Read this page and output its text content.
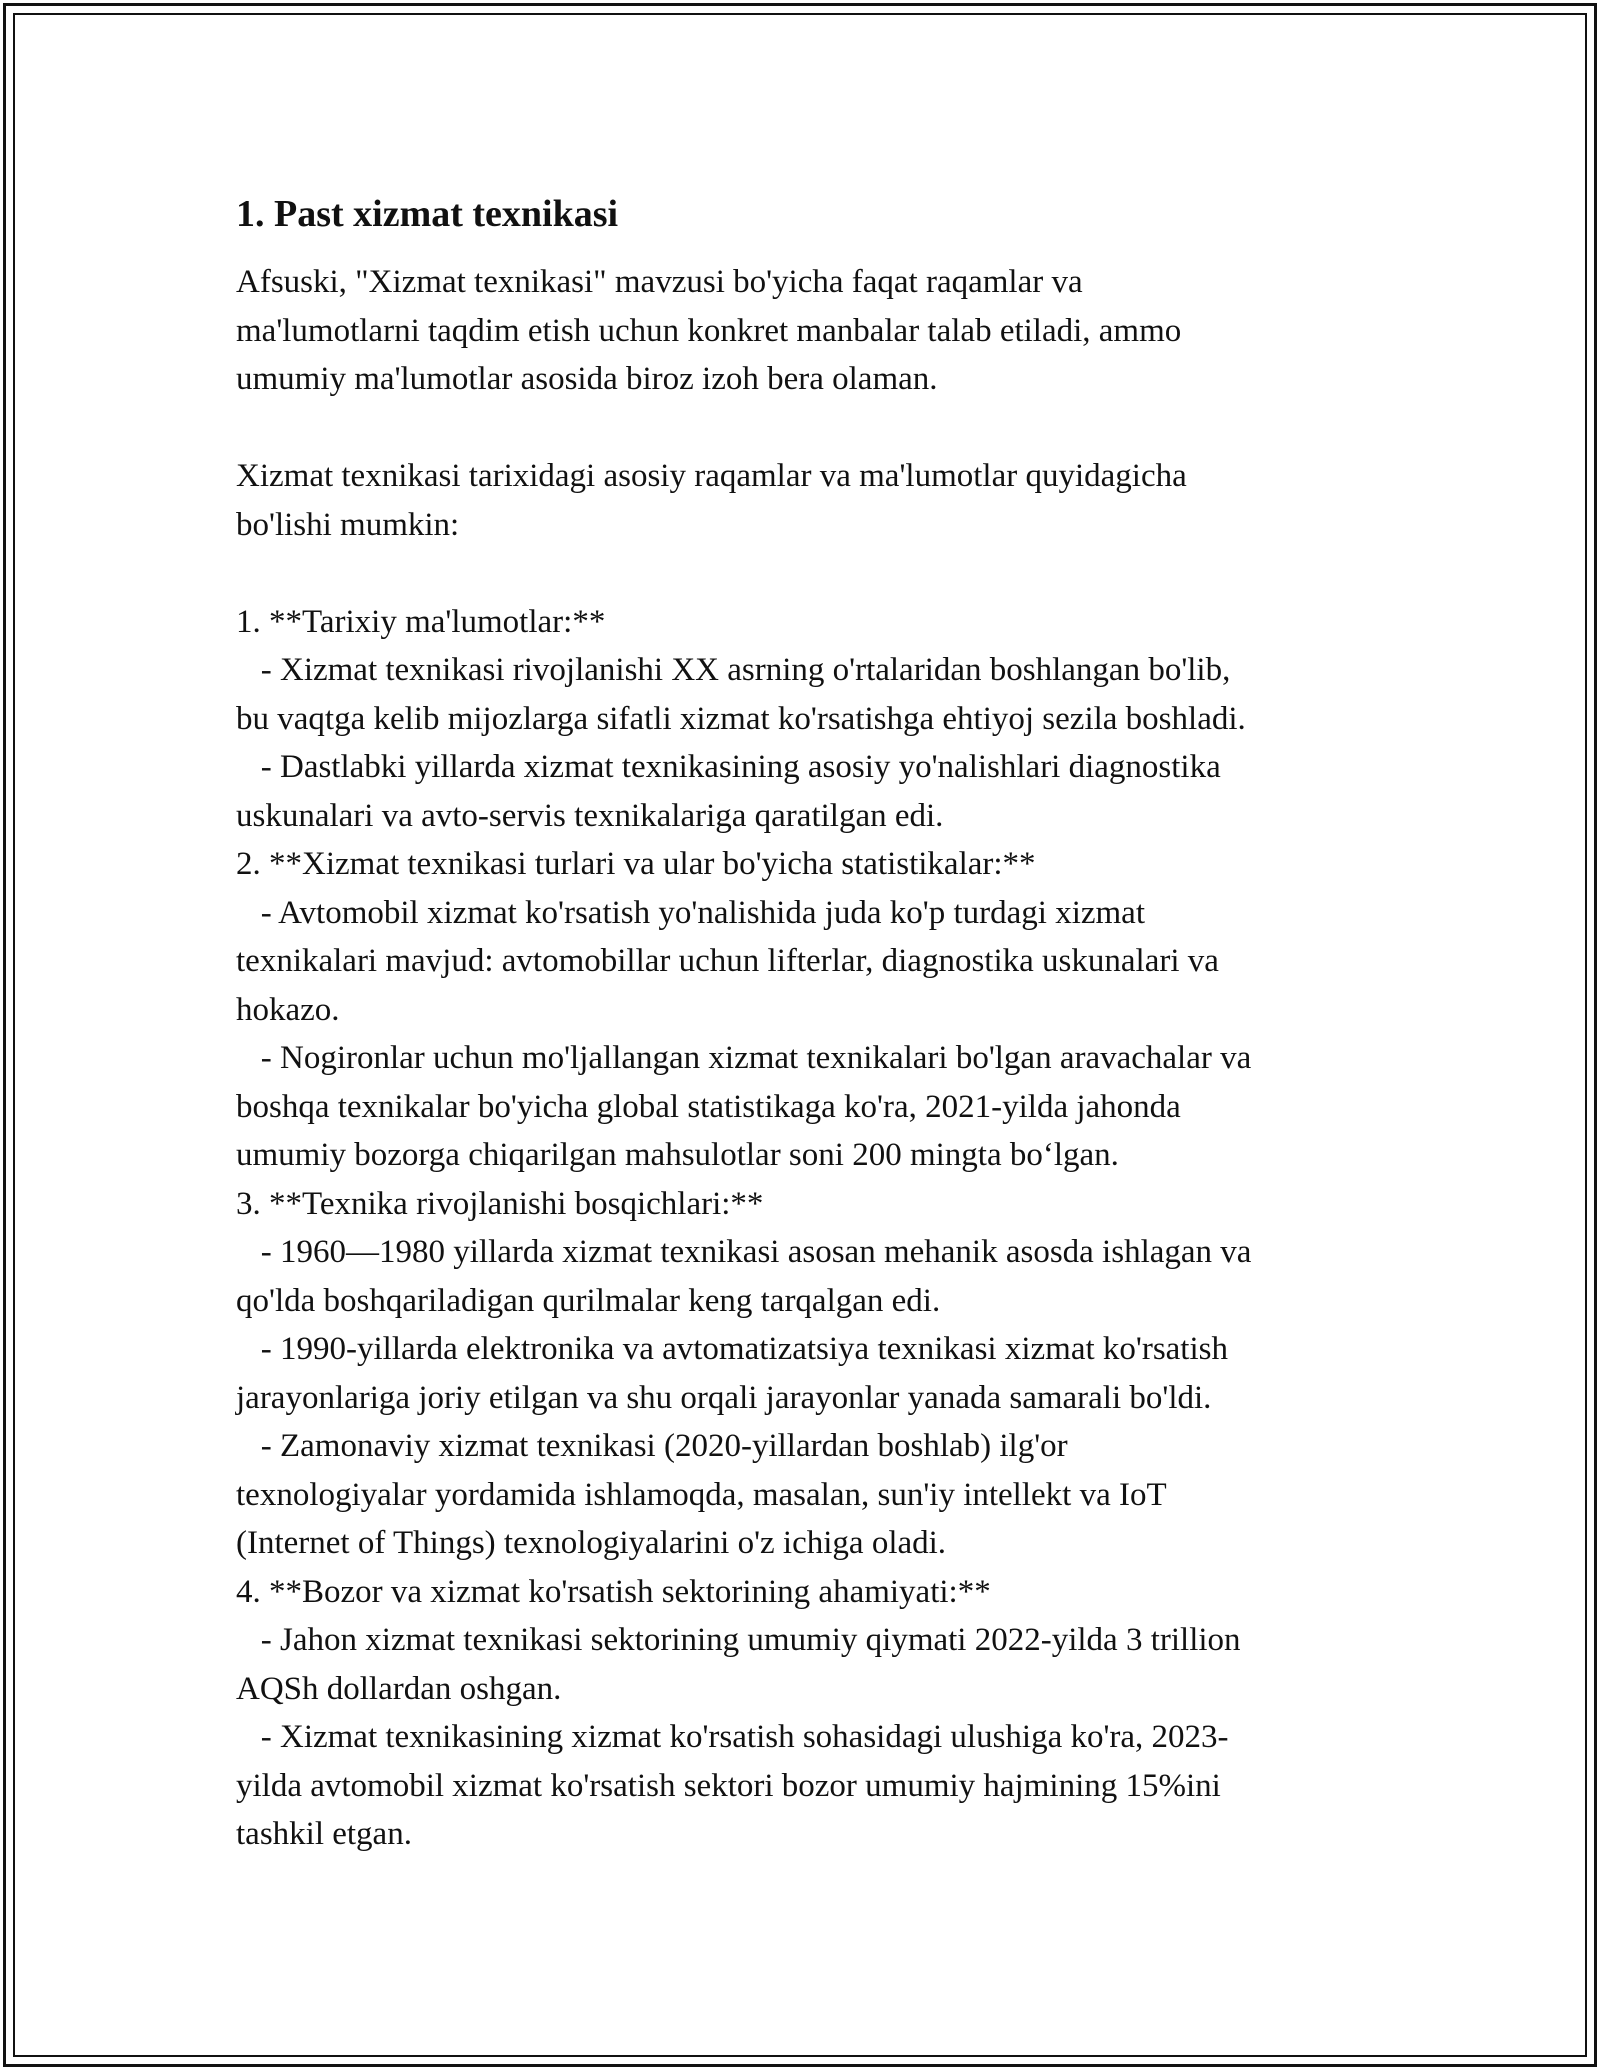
1. Past xizmat texnikasi
Afsuski, "Xizmat texnikasi" mavzusi bo'yicha faqat raqamlar va
ma'lumotlarni taqdim etish uchun konkret manbalar talab etiladi, ammo
umumiy ma'lumotlar asosida biroz izoh bera olaman.
Xizmat texnikasi tarixidagi asosiy raqamlar va ma'lumotlar quyidagicha
bo'lishi mumkin:
1. **Tarixiy ma'lumotlar:**
- Xizmat texnikasi rivojlanishi XX asrning o'rtalaridan boshlangan bo'lib,
bu vaqtga kelib mijozlarga sifatli xizmat ko'rsatishga ehtiyoj sezila boshladi.
- Dastlabki yillarda xizmat texnikasining asosiy yo'nalishlari diagnostika
uskunalari va avto-servis texnikalariga qaratilgan edi.
2. **Xizmat texnikasi turlari va ular bo'yicha statistikalar:**
- Avtomobil xizmat ko'rsatish yo'nalishida juda ko'p turdagi xizmat
texnikalari mavjud: avtomobillar uchun lifterlar, diagnostika uskunalari va
hokazo.
- Nogironlar uchun mo'ljallangan xizmat texnikalari bo'lgan aravachalar va
boshqa texnikalar bo'yicha global statistikaga ko'ra, 2021-yilda jahonda
umumiy bozorga chiqarilgan mahsulotlar soni 200 mingta bo‘lgan.
3. **Texnika rivojlanishi bosqichlari:**
- 1960—1980 yillarda xizmat texnikasi asosan mehanik asosda ishlagan va
qo'lda boshqariladigan qurilmalar keng tarqalgan edi.
- 1990-yillarda elektronika va avtomatizatsiya texnikasi xizmat ko'rsatish
jarayonlariga joriy etilgan va shu orqali jarayonlar yanada samarali bo'ldi.
- Zamonaviy xizmat texnikasi (2020-yillardan boshlab) ilg'or
texnologiyalar yordamida ishlamoqda, masalan, sun'iy intellekt va IoT
(Internet of Things) texnologiyalarini o'z ichiga oladi.
4. **Bozor va xizmat ko'rsatish sektorining ahamiyati:**
- Jahon xizmat texnikasi sektorining umumiy qiymati 2022-yilda 3 trillion
AQSh dollardan oshgan.
- Xizmat texnikasining xizmat ko'rsatish sohasidagi ulushiga ko'ra, 2023-
yilda avtomobil xizmat ko'rsatish sektori bozor umumiy hajmining 15%ini
tashkil etgan.
